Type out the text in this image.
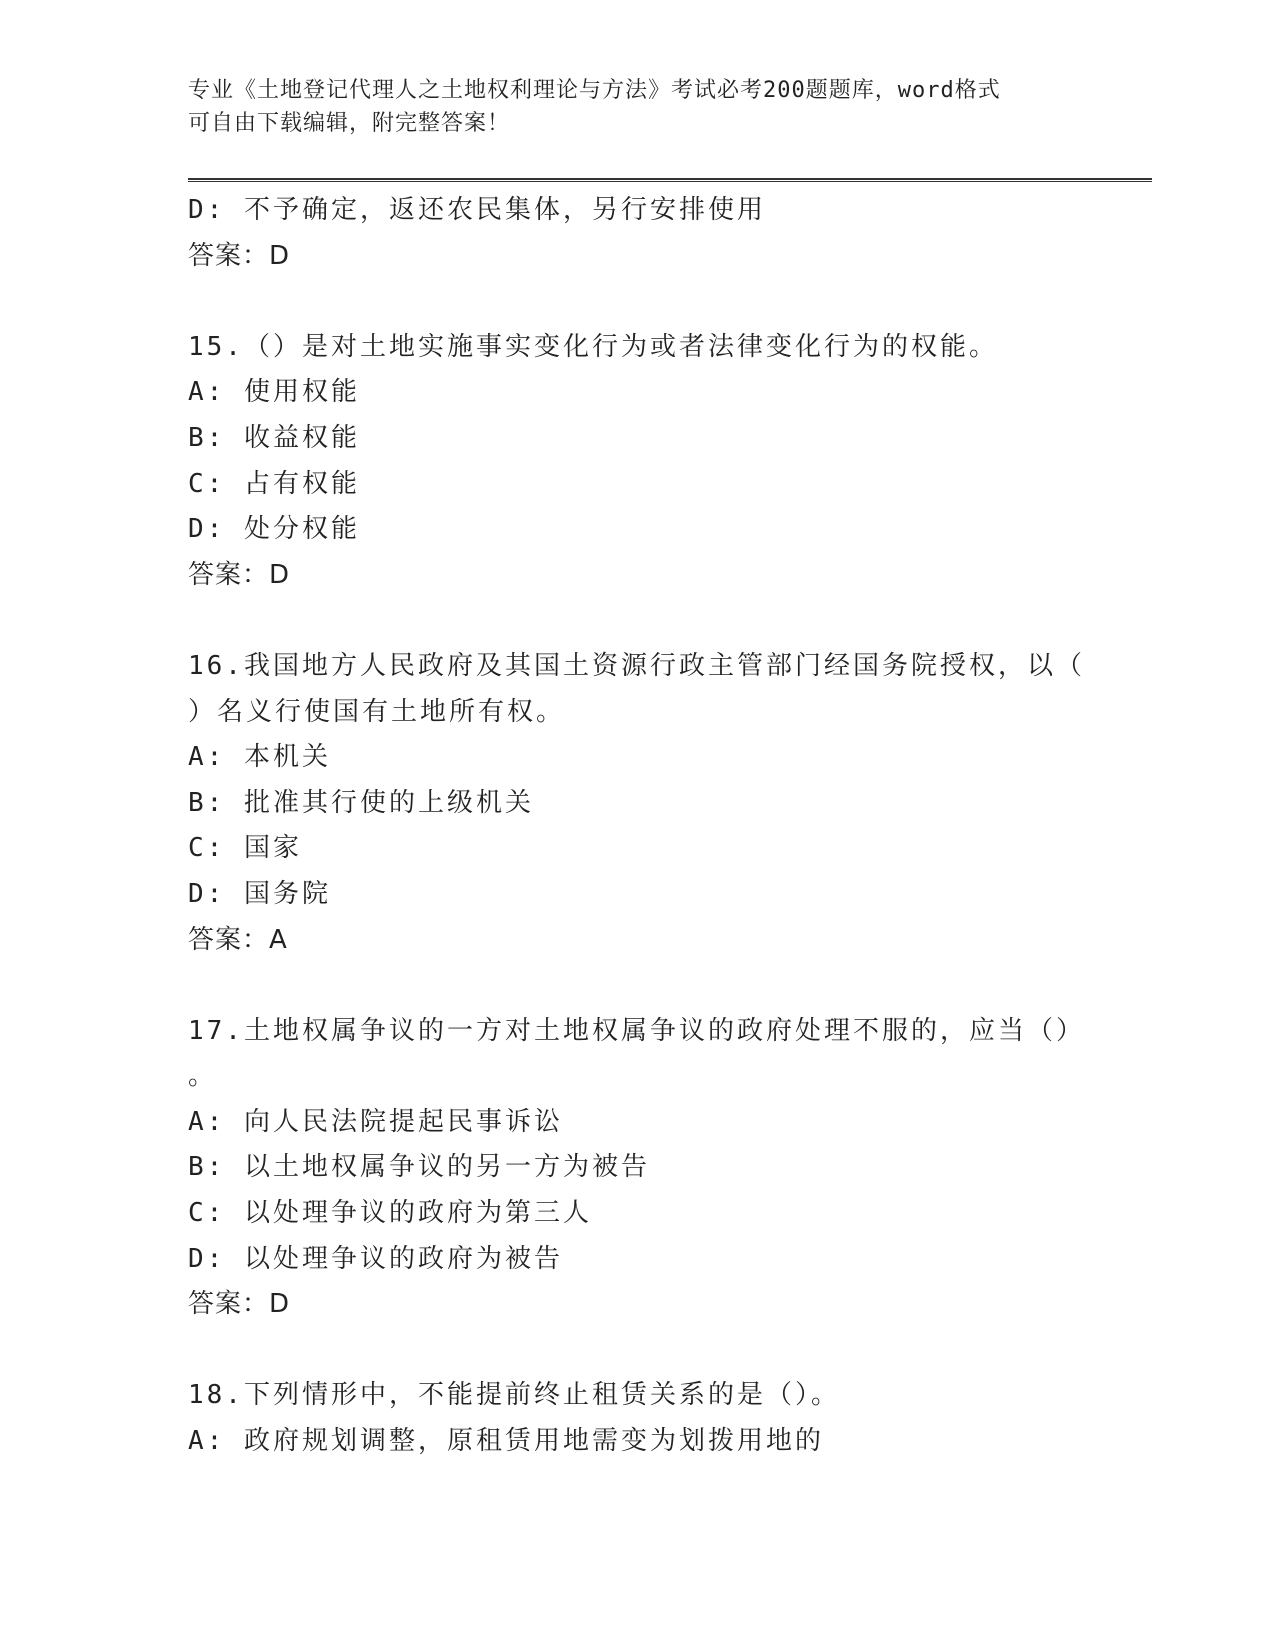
专业《土地登记代理人之土地权利理论与方法》考试必考200题题库，word格式
可自由下载编辑，附完整答案！
D: 不予确定，返还农民集体，另行安排使用
答案：D
15.（）是对土地实施事实变化行为或者法律变化行为的权能。
A: 使用权能
B: 收益权能
C: 占有权能
D: 处分权能
答案：D
16.我国地方人民政府及其国土资源行政主管部门经国务院授权，以（
）名义行使国有土地所有权。
A: 本机关
B: 批准其行使的上级机关
C: 国家
D: 国务院
答案：A
17.土地权属争议的一方对土地权属争议的政府处理不服的，应当（）
。
A: 向人民法院提起民事诉讼
B: 以土地权属争议的另一方为被告
C: 以处理争议的政府为第三人
D: 以处理争议的政府为被告
答案：D
18.下列情形中，不能提前终止租赁关系的是（）。
A: 政府规划调整，原租赁用地需变为划拨用地的
